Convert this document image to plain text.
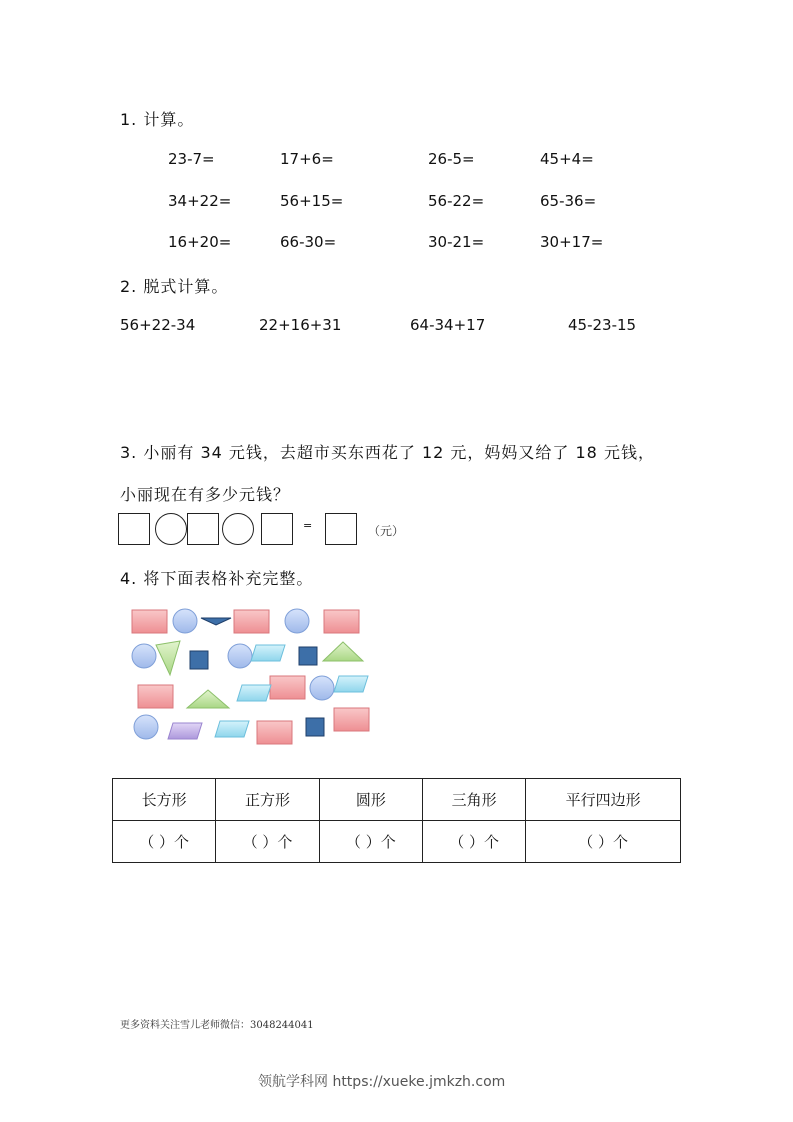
1. 计算。
23-7=	17+6=	26-5=	45+4=
34+22=	56+15=	56-22=	65-36=
16+20=	66-30=	30-21=	30+17=
2. 脱式计算。
56+22-34	22+16+31	64-34+17	45-23-15
3. 小丽有 34 元钱，去超市买东西花了 12 元，妈妈又给了 18 元钱，
小丽现在有多少元钱？
=	（元）
4. 将下面表格补充完整。
长方形	正方形	圆形	三角形	平行四边形
（ ）个	（ ）个	（ ）个	（ ）个	（ ）个
更多资料关注雪儿老师微信：3048244041
领航学科网 https://xueke.jmkzh.com
